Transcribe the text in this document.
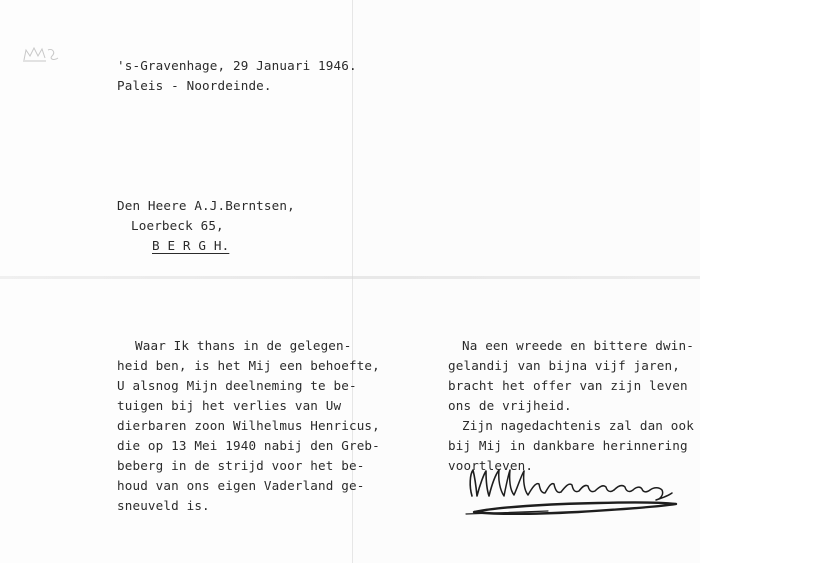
's-Gravenhage, 29 Januari 1946.
Paleis - Noordeinde.
Den Heere A.J.Berntsen,
Loerbeck 65,
B E R G H.
Waar Ik thans in de gelegen-
heid ben, is het Mij een behoefte,
U alsnog Mijn deelneming te be-
tuigen bij het verlies van Uw
dierbaren zoon Wilhelmus Henricus,
die op 13 Mei 1940 nabij den Greb-
beberg in de strijd voor het be-
houd van ons eigen Vaderland ge-
sneuveld is.
Na een wreede en bittere dwin-
gelandij van bijna vijf jaren,
bracht het offer van zijn leven
ons de vrijheid.
Zijn nagedachtenis zal dan ook
bij Mij in dankbare herinnering
voortleven.
